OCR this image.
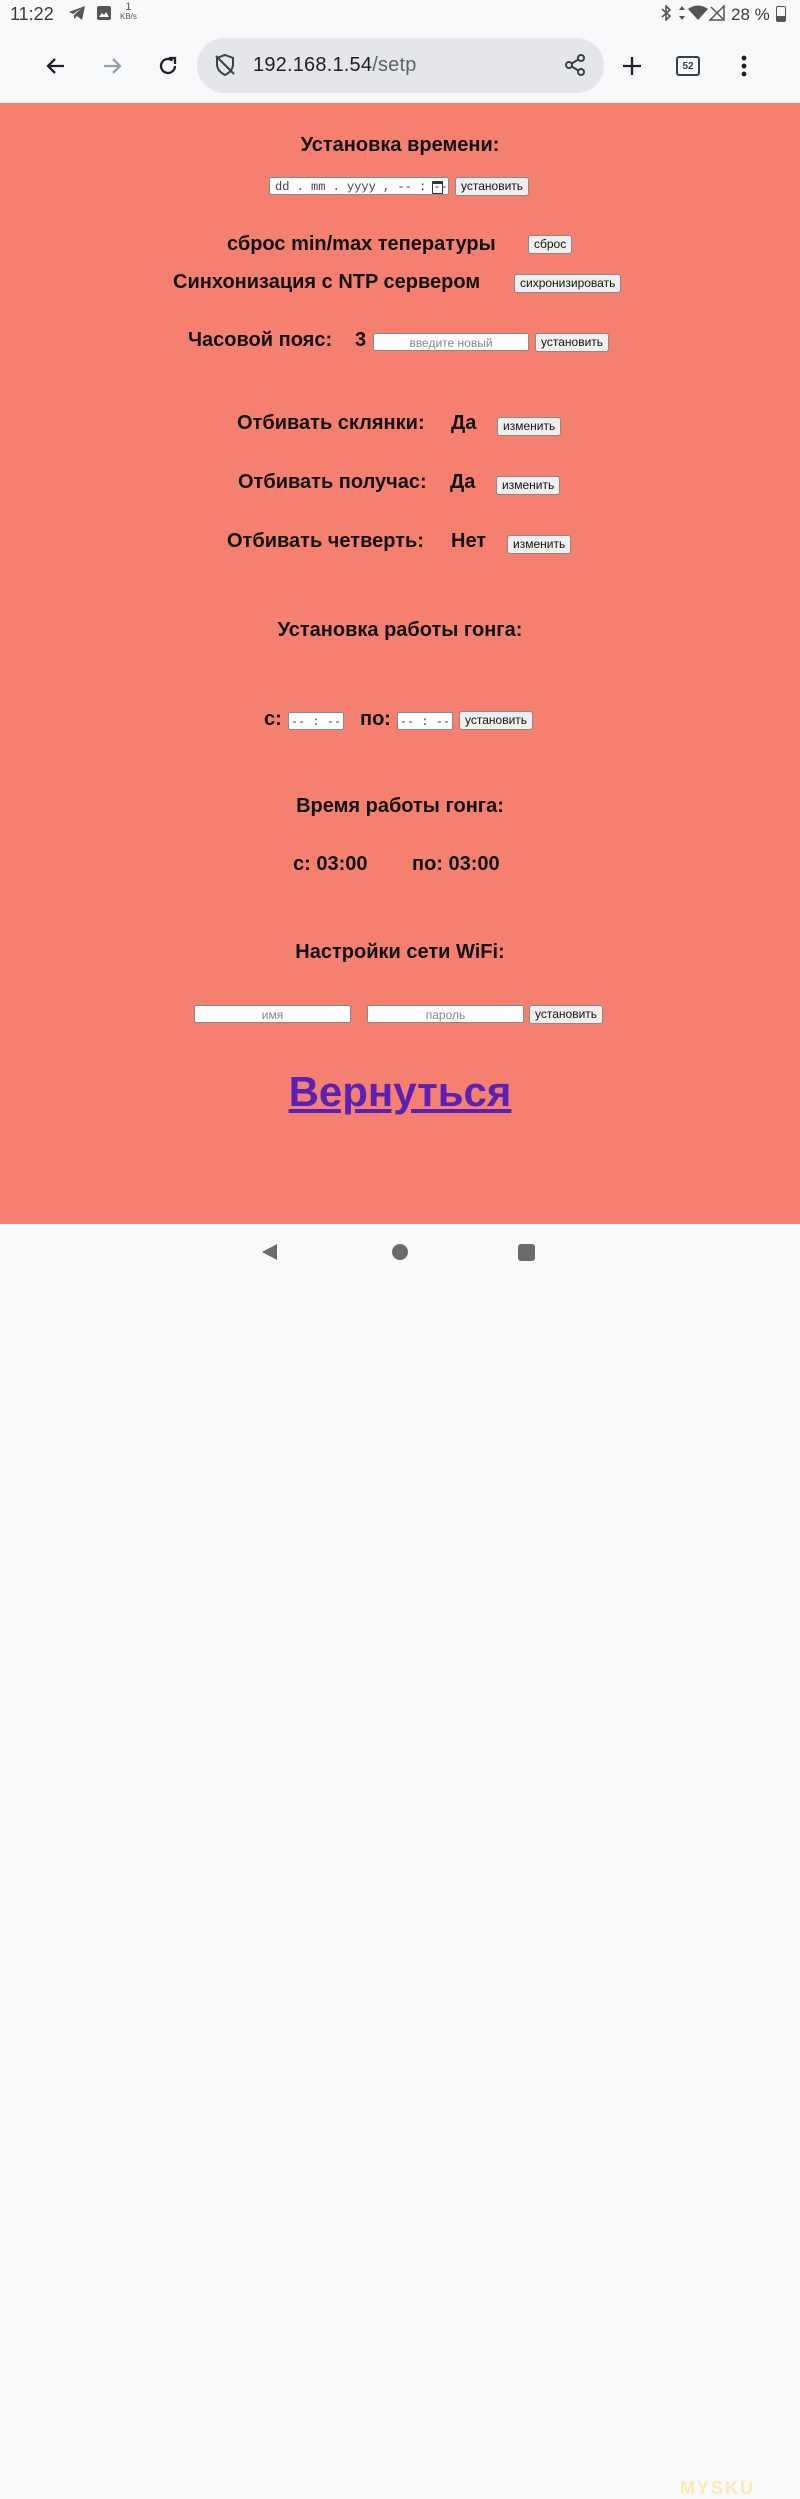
11:22	1
KB/s	28 %
192.168.1.54/setp	52
Установка времени:
dd . mm . yyyy , -- : --	установить
сброс min/max тепературы	сброс
Синхонизация с NTP сервером	сихронизировать
Часовой пояс: 3	введите новый	установить
Отбивать склянки: Да	изменить
Отбивать получас: Да	изменить
Отбивать четверть: Нет	изменить
Установка работы гонга:
с: -- : -- по: -- : --	установить
Время работы гонга:
с: 03:00 по: 03:00
Настройки сети WiFi:
имя	пароль	установить
Вернуться
MYSKU
